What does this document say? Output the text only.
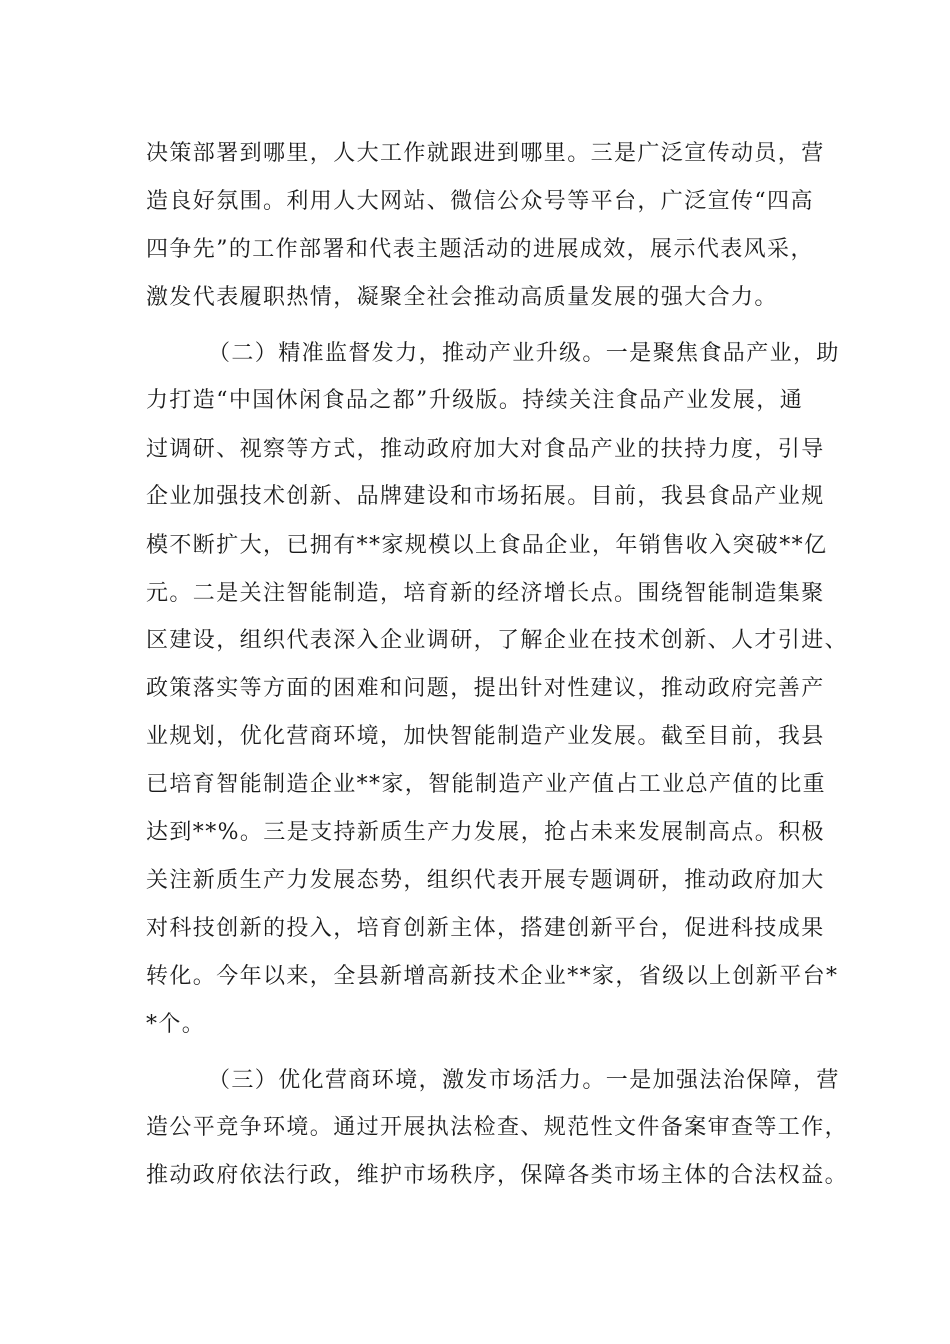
决策部署到哪里，人大工作就跟进到哪里。三是广泛宣传动员，营
造良好氛围。利用人大网站、微信公众号等平台，广泛宣传“四高
四争先”的工作部署和代表主题活动的进展成效，展示代表风采，
激发代表履职热情，凝聚全社会推动高质量发展的强大合力。
（二）精准监督发力，推动产业升级。一是聚焦食品产业，助
力打造“中国休闲食品之都”升级版。持续关注食品产业发展，通
过调研、视察等方式，推动政府加大对食品产业的扶持力度，引导
企业加强技术创新、品牌建设和市场拓展。目前，我县食品产业规
模不断扩大，已拥有**家规模以上食品企业，年销售收入突破**亿
元。二是关注智能制造，培育新的经济增长点。围绕智能制造集聚
区建设，组织代表深入企业调研，了解企业在技术创新、人才引进、
政策落实等方面的困难和问题，提出针对性建议，推动政府完善产
业规划，优化营商环境，加快智能制造产业发展。截至目前，我县
已培育智能制造企业**家，智能制造产业产值占工业总产值的比重
达到**%。三是支持新质生产力发展，抢占未来发展制高点。积极
关注新质生产力发展态势，组织代表开展专题调研，推动政府加大
对科技创新的投入，培育创新主体，搭建创新平台，促进科技成果
转化。今年以来，全县新增高新技术企业**家，省级以上创新平台*
*个。
（三）优化营商环境，激发市场活力。一是加强法治保障，营
造公平竞争环境。通过开展执法检查、规范性文件备案审查等工作，
推动政府依法行政，维护市场秩序，保障各类市场主体的合法权益。
